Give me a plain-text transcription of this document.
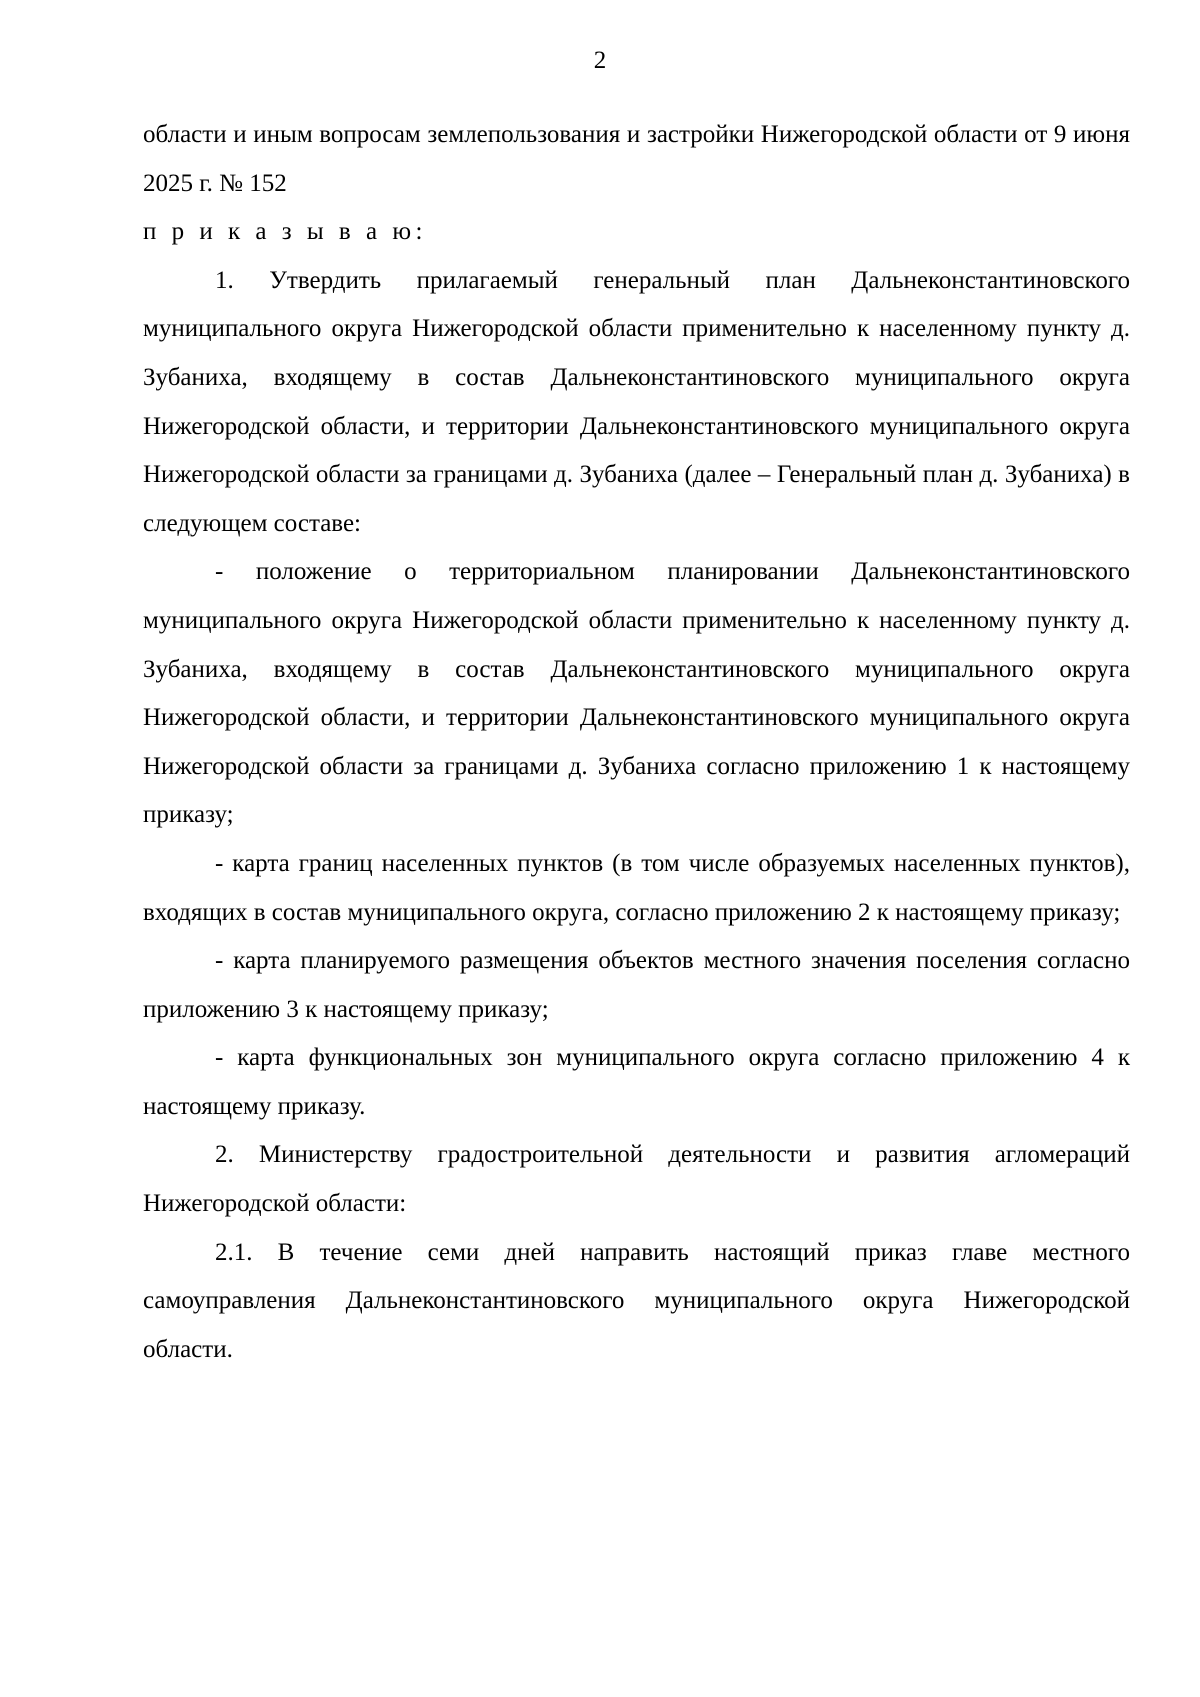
2

области и иным вопросам землепользования и застройки Нижегородской области от 9 июня 2025 г. № 152

п р и к а з ы в а ю:

1. Утвердить прилагаемый генеральный план Дальнеконстантиновского муниципального округа Нижегородской области применительно к населенному пункту д. Зубаниха, входящему в состав Дальнеконстантиновского муниципального округа Нижегородской области, и территории Дальнеконстантиновского муниципального округа Нижегородской области за границами д. Зубаниха (далее – Генеральный план д. Зубаниха) в следующем составе:

- положение о территориальном планировании Дальнеконстантиновского муниципального округа Нижегородской области применительно к населенному пункту д. Зубаниха, входящему в состав Дальнеконстантиновского муниципального округа Нижегородской области, и территории Дальнеконстантиновского муниципального округа Нижегородской области за границами д. Зубаниха согласно приложению 1 к настоящему приказу;

- карта границ населенных пунктов (в том числе образуемых населенных пунктов), входящих в состав муниципального округа, согласно приложению 2 к настоящему приказу;

- карта планируемого размещения объектов местного значения поселения согласно приложению 3 к настоящему приказу;

- карта функциональных зон муниципального округа согласно приложению 4 к настоящему приказу.

2. Министерству градостроительной деятельности и развития агломераций Нижегородской области:

2.1. В течение семи дней направить настоящий приказ главе местного самоуправления Дальнеконстантиновского муниципального округа Нижегородской области.
